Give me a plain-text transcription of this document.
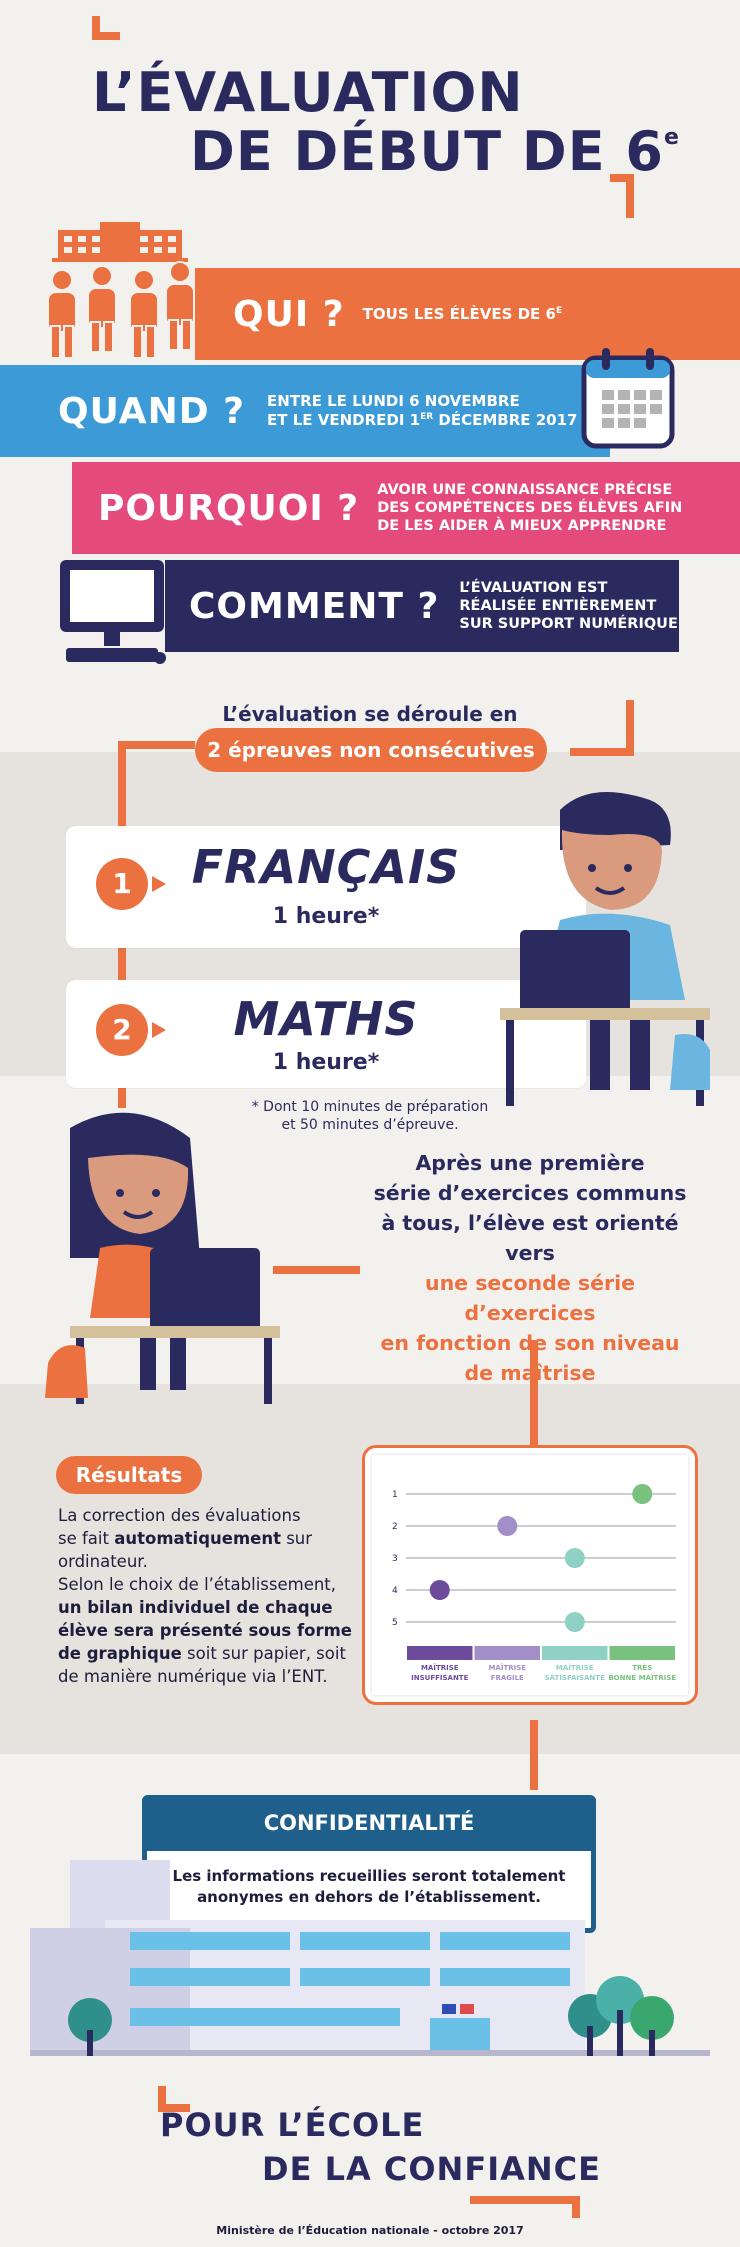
L’ÉVALUATION
DE DÉBUT DE 6e
QUI ? TOUS LES ÉLÈVES DE $6^E$
QUAND ? ENTRE LE LUNDI 6 NOVEMBRE
ET LE VENDREDI 1ER DÉCEMBRE 2017
POURQUOI ? AVOIR UNE CONNAISSANCE PRÉCISE
DES COMPÉTENCES DES ÉLÈVES AFIN
DE LES AIDER À MIEUX APPRENDRE
COMMENT ? L’ÉVALUATION EST
RÉALISÉE ENTIÈREMENT
SUR SUPPORT NUMÉRIQUE
L’évaluation se déroule en
2 épreuves non consécutives
FRANÇAIS
1 heure*
1
MATHS
1 heure*
2
* Dont 10 minutes de préparation
et 50 minutes d’épreuve.
Après une première
série d’exercices communs
à tous, l’élève est orienté vers
une seconde série d’exercices
en fonction de son niveau
de maîtrise
Résultats
La correction des évaluations
se fait automatiquement sur
ordinateur.
Selon le choix de l’établissement,
un bilan individuel de chaque
élève sera présenté sous forme
de graphique soit sur papier, soit
de manière numérique via l’ENT.
1
2
3
4
5
MAÎTRISE
INSUFFISANTE
MAÎTRISE
FRAGILE
MAÎTRISE
SATISFAISANTE
TRÈS
BONNE MAÎTRISE
CONFIDENTIALITÉ
Les informations recueillies seront totalement
anonymes en dehors de l’établissement.
POUR L’ÉCOLE
DE LA CONFIANCE
Ministère de l’Éducation nationale - octobre 2017
